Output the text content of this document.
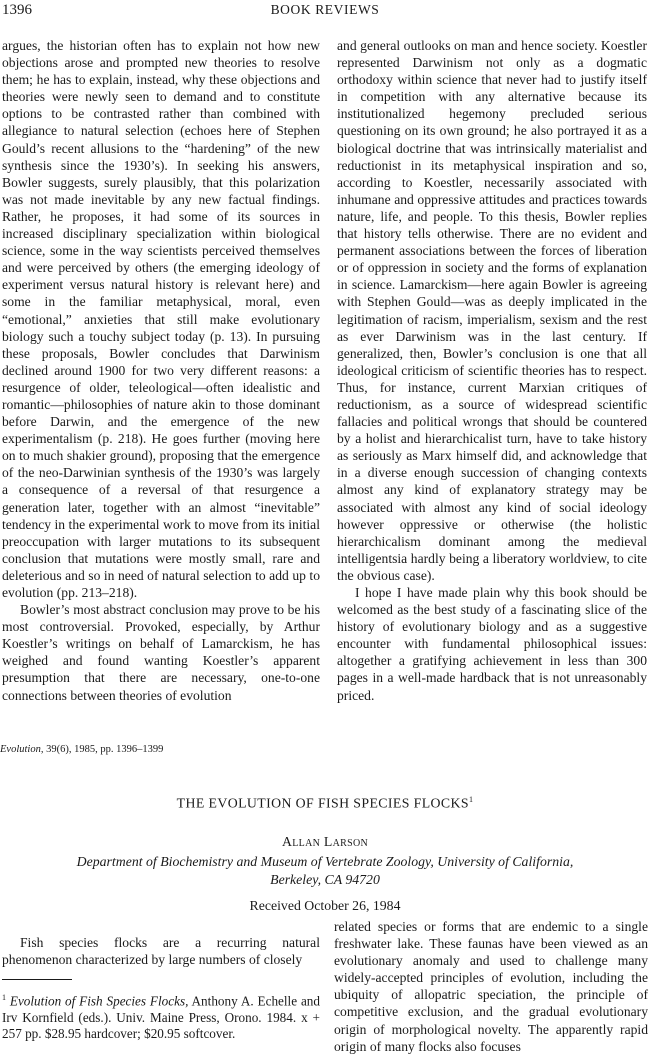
1396	BOOK REVIEWS

argues, the historian often has to explain not how new objections arose and prompted new theories to resolve them; he has to explain, instead, why these objections and theories were newly seen to demand and to constitute options to be contrasted rather than combined with allegiance to natural selection (echoes here of Stephen Gould’s recent allusions to the “hardening” of the new synthesis since the 1930’s). In seeking his answers, Bowler suggests, surely plausibly, that this polarization was not made inevitable by any new factual findings. Rather, he proposes, it had some of its sources in increased disciplinary specialization within biological science, some in the way scientists perceived themselves and were perceived by others (the emerging ideology of experiment versus natural history is relevant here) and some in the familiar metaphysical, moral, even “emotional,” anxieties that still make evolutionary biology such a touchy subject today (p. 13). In pursuing these proposals, Bowler concludes that Darwinism declined around 1900 for two very different reasons: a resurgence of older, teleological—often idealistic and romantic—philosophies of nature akin to those dominant before Darwin, and the emergence of the new experimentalism (p. 218). He goes further (moving here on to much shakier ground), proposing that the emergence of the neo-Darwinian synthesis of the 1930’s was largely a consequence of a reversal of that resurgence a generation later, together with an almost “inevitable” tendency in the experimental work to move from its initial preoccupation with larger mutations to its subsequent conclusion that mutations were mostly small, rare and deleterious and so in need of natural selection to add up to evolution (pp. 213–218).

Bowler’s most abstract conclusion may prove to be his most controversial. Provoked, especially, by Arthur Koestler’s writings on behalf of Lamarckism, he has weighed and found wanting Koestler’s apparent presumption that there are necessary, one-to-one connections between theories of evolution

and general outlooks on man and hence society. Koestler represented Darwinism not only as a dogmatic orthodoxy within science that never had to justify itself in competition with any alternative because its institutionalized hegemony precluded serious questioning on its own ground; he also portrayed it as a biological doctrine that was intrinsically materialist and reductionist in its metaphysical inspiration and so, according to Koestler, necessarily associated with inhumane and oppressive attitudes and practices towards nature, life, and people. To this thesis, Bowler replies that history tells otherwise. There are no evident and permanent associations between the forces of liberation or of oppression in society and the forms of explanation in science. Lamarckism—here again Bowler is agreeing with Stephen Gould—was as deeply implicated in the legitimation of racism, imperialism, sexism and the rest as ever Darwinism was in the last century. If generalized, then, Bowler’s conclusion is one that all ideological criticism of scientific theories has to respect. Thus, for instance, current Marxian critiques of reductionism, as a source of widespread scientific fallacies and political wrongs that should be countered by a holist and hierarchicalist turn, have to take history as seriously as Marx himself did, and acknowledge that in a diverse enough succession of changing contexts almost any kind of explanatory strategy may be associated with almost any kind of social ideology however oppressive or otherwise (the holistic hierarchicalism dominant among the medieval intelligentsia hardly being a liberatory worldview, to cite the obvious case).

I hope I have made plain why this book should be welcomed as the best study of a fascinating slice of the history of evolutionary biology and as a suggestive encounter with fundamental philosophical issues: altogether a gratifying achievement in less than 300 pages in a well-made hardback that is not unreasonably priced.

Evolution, 39(6), 1985, pp. 1396–1399
THE EVOLUTION OF FISH SPECIES FLOCKS$^1$
Allan Larson
Department of Biochemistry and Museum of Vertebrate Zoology, University of California,
Berkeley, CA 94720
Received October 26, 1984

Fish species flocks are a recurring natural phenomenon characterized by large numbers of closely

related species or forms that are endemic to a single freshwater lake. These faunas have been viewed as an evolutionary anomaly and used to challenge many widely-accepted principles of evolution, including the ubiquity of allopatric speciation, the principle of competitive exclusion, and the gradual evolutionary origin of morphological novelty. The apparently rapid origin of many flocks also focuses

$^1$ Evolution of Fish Species Flocks, Anthony A. Echelle and Irv Kornfield (eds.). Univ. Maine Press, Orono. 1984. x + 257 pp. $28.95 hardcover; $20.95 softcover.
